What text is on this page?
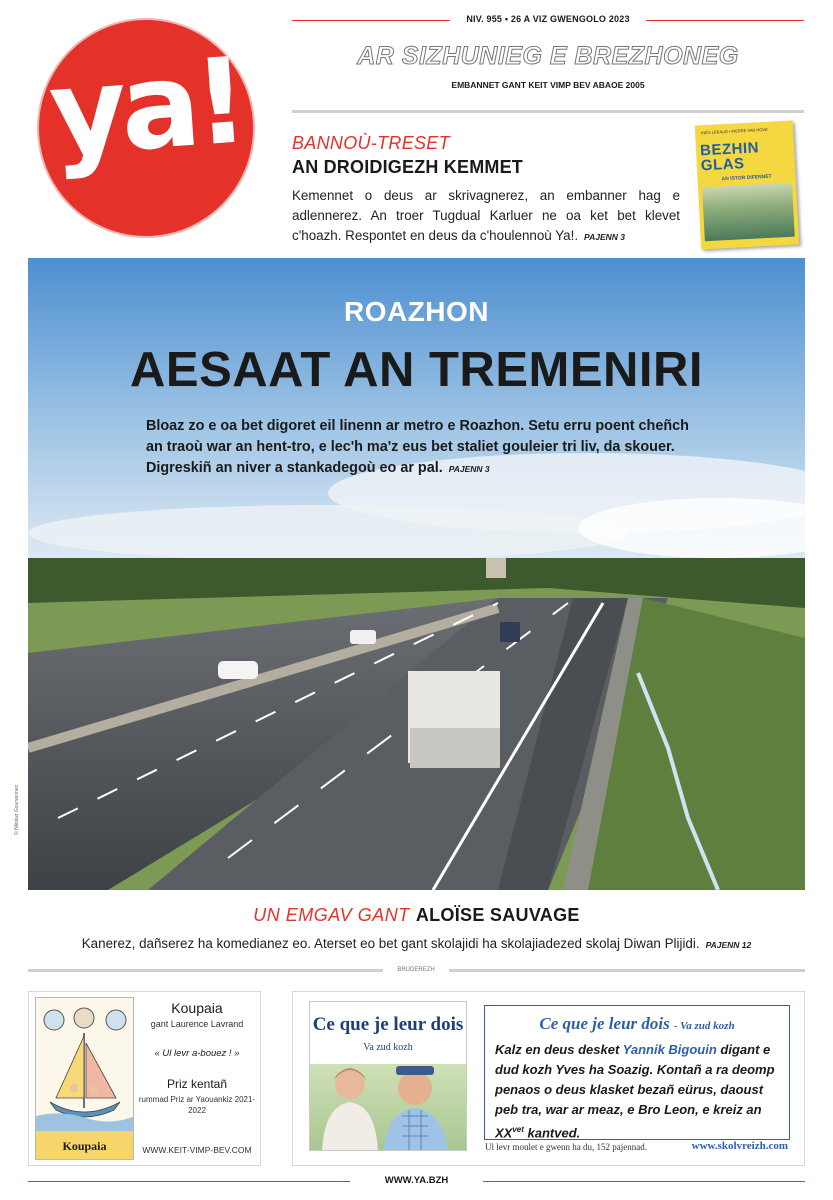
ya!
NIV. 955 • 26 A VIZ GWENGOLO 2023
AR SIZHUNIEG E BREZHONEG
EMBANNET GANT KEIT VIMP BEV ABAOE 2005
BANNOÙ-TRESET
AN DROIDIGEZH KEMMET
Kemennet o deus ar skrivagnerez, an embanner hag e adlennerez. An troer Tugdual Karluer ne oa ket bet klevet c'hoazh. Respontet en deus da c'houlennoù Ya!. PAJENN 3
INÈS LÉRAUD • PIERRE VAN HOVE
BEZHIN GLAS
AN ISTOR DIFENNET
ROAZHON
AESAAT AN TREMENIRI
Bloaz zo e oa bet digoret eil linenn ar metro e Roazhon. Setu erru poent cheñch an traoù war an hent-tro, e lec'h ma'z eus bet staliet gouleier tri liv, da skouer. Digreskiñ an niver a stankadegoù eo ar pal. PAJENN 3
© Nikolaz Gourvennec
UN EMGAV GANT ALOÏSE SAUVAGE
Kanerez, dañserez ha komedianez eo. Aterset eo bet gant skolajidi ha skolajiadezed skolaj Diwan Plijidi. PAJENN 12
BRUDEREZH
Koupaia
Koupaia
gant Laurence Lavrand
« Ul levr a-bouez ! »
Priz kentañ
rummad Priz ar Yaouankiz 2021-2022
WWW.KEIT-VIMP-BEV.COM
Ce que je leur dois
Va zud kozh
Ce que je leur dois - Va zud kozh
Kalz en deus desket Yannik Bigouin digant e dud kozh Yves ha Soazig. Kontañ a ra deomp penaos o deus klasket bezañ eürus, daoust peb tra, war ar meaz, e Bro Leon, e kreiz an $XX^{vet}$ kantved.
Ul levr moulet e gwenn ha du, 152 pajennad.	www.skolvreizh.com
WWW.YA.BZH
